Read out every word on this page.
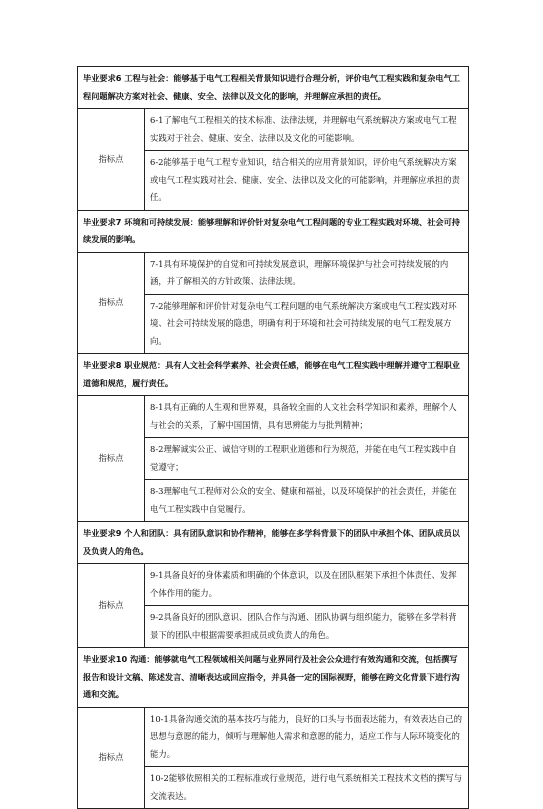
毕业要求6 工程与社会：能够基于电气工程相关背景知识进行合理分析，评价电气工程实践和复杂电气工程问题解决方案对社会、健康、安全、法律以及文化的影响，并理解应承担的责任。	
指标点	6-1了解电气工程相关的技术标准、法律法规，并理解电气系统解决方案或电气工程实践对于社会、健康、安全、法律以及文化的可能影响。
	6-2能够基于电气工程专业知识，结合相关的应用背景知识，评价电气系统解决方案或电气工程实践对社会、健康、安全、法律以及文化的可能影响，并理解应承担的责任。
毕业要求7 环境和可持续发展：能够理解和评价针对复杂电气工程问题的专业工程实践对环境、社会可持续发展的影响。	
指标点	7-1具有环境保护的自觉和可持续发展意识，理解环境保护与社会可持续发展的内涵，并了解相关的方针政策、法律法规。
	7-2能够理解和评价针对复杂电气工程问题的电气系统解决方案或电气工程实践对环境、社会可持续发展的隐患，明确有利于环境和社会可持续发展的电气工程发展方向。
毕业要求8 职业规范：具有人文社会科学素养、社会责任感，能够在电气工程实践中理解并遵守工程职业道德和规范，履行责任。	
指标点	8-1具有正确的人生观和世界观，具备较全面的人文社会科学知识和素养，理解个人与社会的关系，了解中国国情，具有思辨能力与批判精神；
	8-2理解诚实公正、诚信守则的工程职业道德和行为规范，并能在电气工程实践中自觉遵守；
	8-3理解电气工程师对公众的安全、健康和福祉，以及环境保护的社会责任，并能在电气工程实践中自觉履行。
毕业要求9 个人和团队：具有团队意识和协作精神，能够在多学科背景下的团队中承担个体、团队成员以及负责人的角色。	
指标点	9-1具备良好的身体素质和明确的个体意识，以及在团队框架下承担个体责任、发挥个体作用的能力。
	9-2具备良好的团队意识、团队合作与沟通、团队协调与组织能力，能够在多学科背景下的团队中根据需要承担成员或负责人的角色。
毕业要求10 沟通：能够就电气工程领域相关问题与业界同行及社会公众进行有效沟通和交流，包括撰写报告和设计文稿、陈述发言、清晰表达或回应指令，并具备一定的国际视野，能够在跨文化背景下进行沟通和交流。	
指标点	10-1具备沟通交流的基本技巧与能力，良好的口头与书面表达能力，有效表达自己的思想与意愿的能力，倾听与理解他人需求和意愿的能力，适应工作与人际环境变化的能力。
	10-2能够依照相关的工程标准或行业规范，进行电气系统相关工程技术文档的撰写与交流表达。
